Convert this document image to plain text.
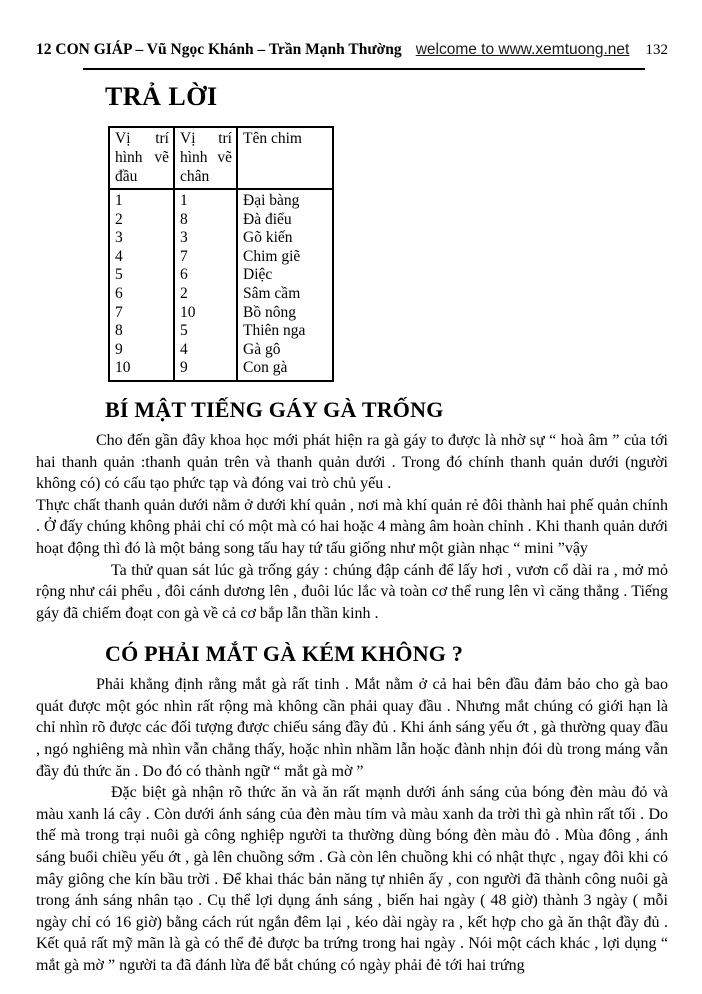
12 CON GIÁP – Vũ Ngọc Khánh – Trần Mạnh Thường welcome to www.xemtuong.net 132
TRẢ LỜI
Vị trí hình vẽ đầu	Vị trí hình vẽ chân	Tên chim
1	1	Đại bàng
2	8	Đà điểu
3	3	Gõ kiến
4	7	Chim giẽ
5	6	Diệc
6	2	Sâm cầm
7	10	Bồ nông
8	5	Thiên nga
9	4	Gà gô
10	9	Con gà
BÍ MẬT TIẾNG GÁY GÀ TRỐNG

Cho đến gần đây khoa học mới phát hiện ra gà gáy to được là nhờ sự “ hoà âm ” của tới hai thanh quản :thanh quản trên và thanh quản dưới . Trong đó chính thanh quản dưới (người không có) có cấu tạo phức tạp và đóng vai trò chủ yếu .

Thực chất thanh quản dưới nằm ở dưới khí quản , nơi mà khí quản rẻ đôi thành hai phế quản chính . Ở đấy chúng không phải chỉ có một mà có hai hoặc 4 màng âm hoàn chỉnh . Khi thanh quản dưới hoạt động thì đó là một bảng song tấu hay tứ tấu giống như một giàn nhạc “ mini ”vậy

Ta thử quan sát lúc gà trống gáy : chúng đập cánh để lấy hơi , vươn cổ dài ra , mở mỏ rộng như cái phểu , đôi cánh dương lên , đuôi lúc lắc và toàn cơ thể rung lên vì căng thẳng . Tiếng gáy đã chiếm đoạt con gà về cả cơ bắp lẫn thần kinh .

CÓ PHẢI MẮT GÀ KÉM KHÔNG ?

Phải khẳng định rằng mắt gà rất tinh . Mắt nằm ở cả hai bên đầu đảm bảo cho gà bao quát được một góc nhìn rất rộng mà không cần phải quay đầu . Nhưng mắt chúng có giới hạn là chỉ nhìn rõ được các đối tượng được chiếu sáng đầy đủ . Khi ánh sáng yếu ớt , gà thường quay đầu , ngó nghiêng mà nhìn vẫn chẳng thấy, hoặc nhìn nhầm lẫn hoặc đành nhịn đói dù trong máng vẫn đầy đủ thức ăn . Do đó có thành ngữ “ mắt gà mờ ”

Đặc biệt gà nhận rõ thức ăn và ăn rất mạnh dưới ánh sáng của bóng đèn màu đỏ và màu xanh lá cây . Còn dưới ánh sáng của đèn màu tím và màu xanh da trời thì gà nhìn rất tối . Do thế mà trong trại nuôi gà công nghiệp người ta thường dùng bóng đèn màu đỏ . Mùa đông , ánh sáng buổi chiều yếu ớt , gà lên chuồng sớm . Gà còn lên chuồng khi có nhật thực , ngay đôi khi có mây giông che kín bầu trời . Để khai thác bản năng tự nhiên ấy , con người đã thành công nuôi gà trong ánh sáng nhân tạo . Cụ thể lợi dụng ánh sáng , biến hai ngày ( 48 giờ) thành 3 ngày ( mỗi ngày chỉ có 16 giờ) bằng cách rút ngắn đêm lại , kéo dài ngày ra , kết hợp cho gà ăn thật đầy đủ . Kết quả rất mỹ mãn là gà có thể đẻ được ba trứng trong hai ngày . Nói một cách khác , lợi dụng “ mắt gà mờ ” người ta đã đánh lừa để bắt chúng có ngày phải đẻ tới hai trứng
